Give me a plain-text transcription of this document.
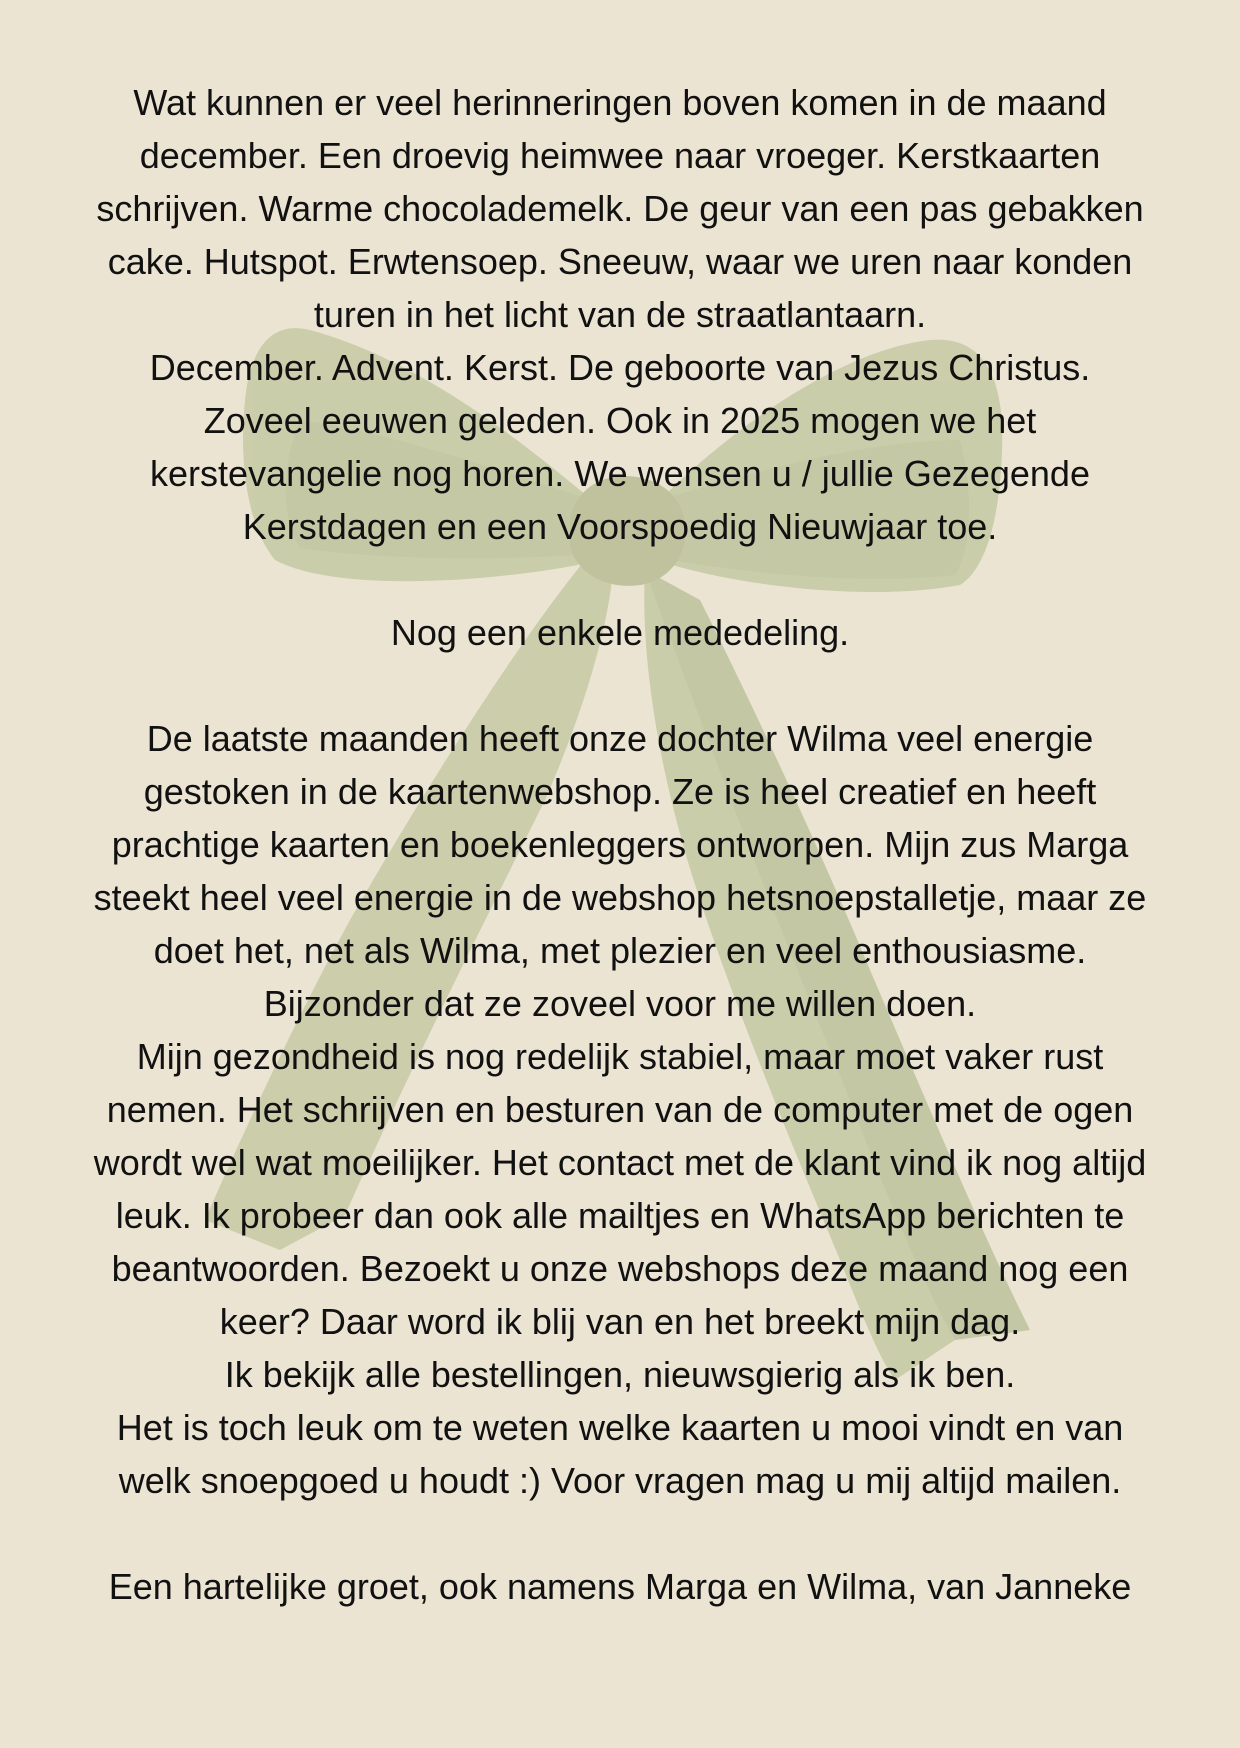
Wat kunnen er veel herinneringen boven komen in de maand
december. Een droevig heimwee naar vroeger. Kerstkaarten
schrijven. Warme chocolademelk. De geur van een pas gebakken
cake. Hutspot. Erwtensoep. Sneeuw, waar we uren naar konden
turen in het licht van de straatlantaarn.

December. Advent. Kerst. De geboorte van Jezus Christus.
Zoveel eeuwen geleden. Ook in 2025 mogen we het
kerstevangelie nog horen. We wensen u / jullie Gezegende
Kerstdagen en een Voorspoedig Nieuwjaar toe.

Nog een enkele mededeling.

De laatste maanden heeft onze dochter Wilma veel energie
gestoken in de kaartenwebshop. Ze is heel creatief en heeft
prachtige kaarten en boekenleggers ontworpen. Mijn zus Marga
steekt heel veel energie in de webshop hetsnoepstalletje, maar ze
doet het, net als Wilma, met plezier en veel enthousiasme.
Bijzonder dat ze zoveel voor me willen doen.

Mijn gezondheid is nog redelijk stabiel, maar moet vaker rust
nemen. Het schrijven en besturen van de computer met de ogen
wordt wel wat moeilijker. Het contact met de klant vind ik nog altijd
leuk. Ik probeer dan ook alle mailtjes en WhatsApp berichten te
beantwoorden. Bezoekt u onze webshops deze maand nog een
keer? Daar word ik blij van en het breekt mijn dag.

Ik bekijk alle bestellingen, nieuwsgierig als ik ben.

Het is toch leuk om te weten welke kaarten u mooi vindt en van
welk snoepgoed u houdt :) Voor vragen mag u mij altijd mailen.

Een hartelijke groet, ook namens Marga en Wilma, van Janneke
